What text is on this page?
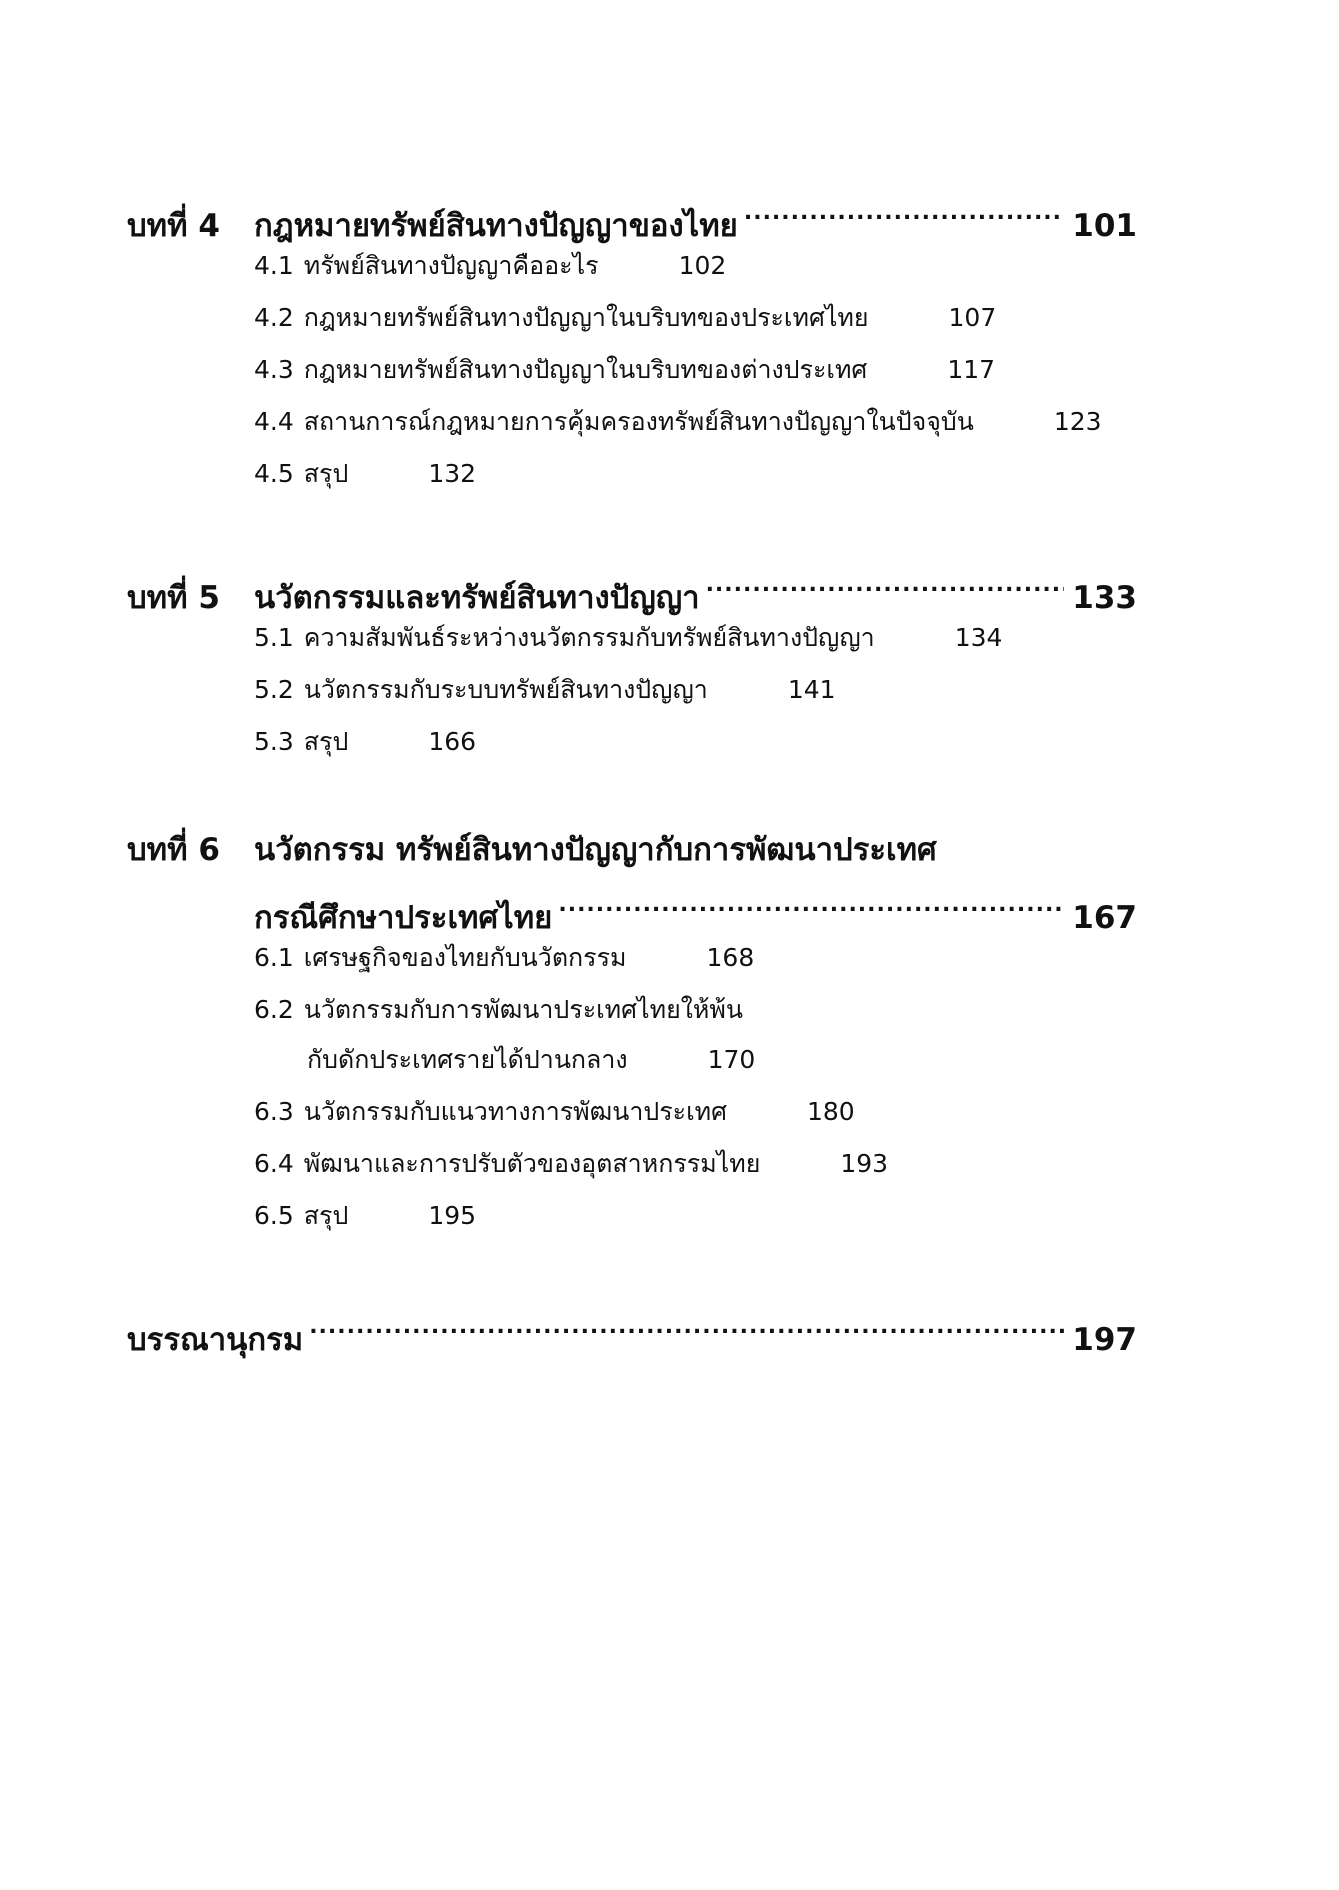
บทที่ 4	กฎหมายทรัพย์สินทางปัญญาของไทย .....	101
4.1 ทรัพย์สินทางปัญญาคืออะไร	102
4.2 กฎหมายทรัพย์สินทางปัญญาในบริบทของประเทศไทย	107
4.3 กฎหมายทรัพย์สินทางปัญญาในบริบทของต่างประเทศ	117
4.4 สถานการณ์กฎหมายการคุ้มครองทรัพย์สินทางปัญญาในปัจจุบัน	123
4.5 สรุป	132
บทที่ 5	นวัตกรรมและทรัพย์สินทางปัญญา .....	133
5.1 ความสัมพันธ์ระหว่างนวัตกรรมกับทรัพย์สินทางปัญญา	134
5.2 นวัตกรรมกับระบบทรัพย์สินทางปัญญา	141
5.3 สรุป	166
บทที่ 6	นวัตกรรม ทรัพย์สินทางปัญญากับการพัฒนาประเทศ
กรณีศึกษาประเทศไทย .....	167
6.1 เศรษฐกิจของไทยกับนวัตกรรม	168
6.2 นวัตกรรมกับการพัฒนาประเทศไทยให้พ้น
กับดักประเทศรายได้ปานกลาง	170
6.3 นวัตกรรมกับแนวทางการพัฒนาประเทศ	180
6.4 พัฒนาและการปรับตัวของอุตสาหกรรมไทย	193
6.5 สรุป	195
บรรณานุกรม .....	197
